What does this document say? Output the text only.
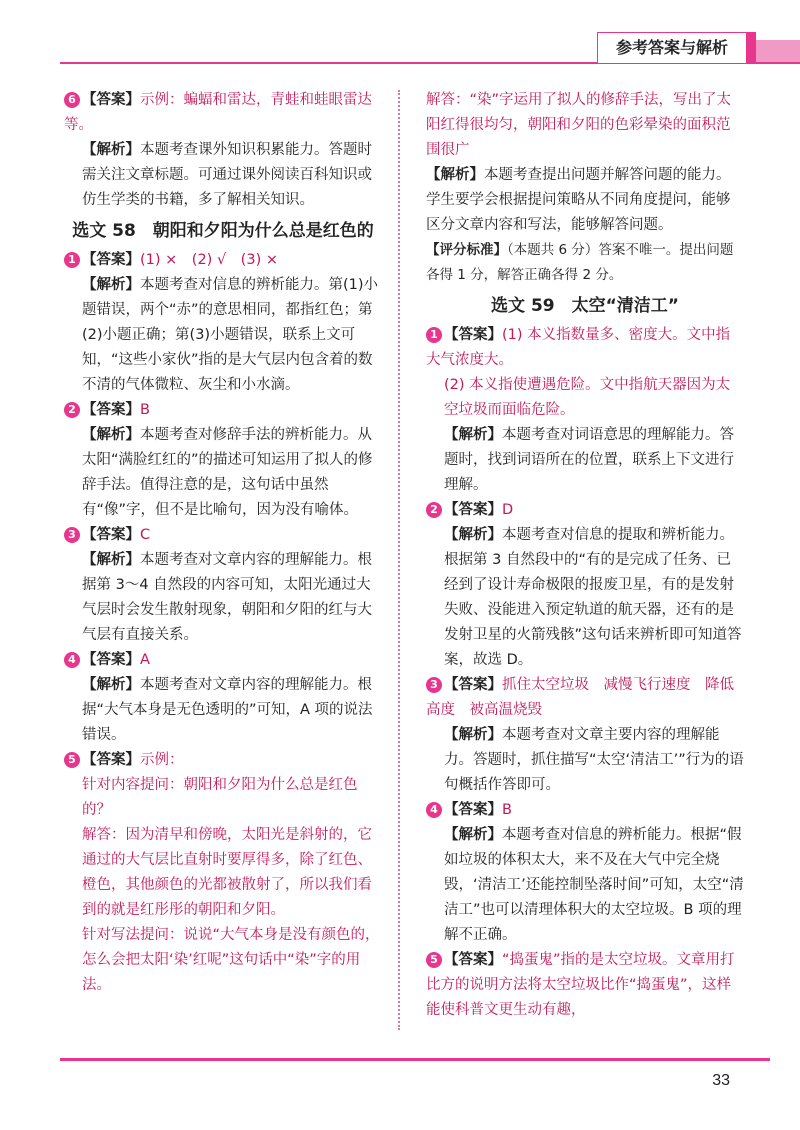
参考答案与解析
6 【答案】示例：蝙蝠和雷达，青蛙和蛙眼雷达等。

【解析】本题考查课外知识积累能力。答题时需关注文章标题。可通过课外阅读百科知识或仿生学类的书籍，多了解相关知识。

选文 58　朝阳和夕阳为什么总是红色的
1 【答案】(1) ×　(2) √　(3) ×

【解析】本题考查对信息的辨析能力。第(1)小题错误，两个“赤”的意思相同，都指红色；第(2)小题正确；第(3)小题错误，联系上文可知，“这些小家伙”指的是大气层内包含着的数不清的气体微粒、灰尘和小水滴。

2 【答案】B

【解析】本题考查对修辞手法的辨析能力。从太阳“满脸红红的”的描述可知运用了拟人的修辞手法。值得注意的是，这句话中虽然有“像”字，但不是比喻句，因为没有喻体。

3 【答案】C

【解析】本题考查对文章内容的理解能力。根据第 3～4 自然段的内容可知，太阳光通过大气层时会发生散射现象，朝阳和夕阳的红与大气层有直接关系。

4 【答案】A

【解析】本题考查对文章内容的理解能力。根据“大气本身是无色透明的”可知，A 项的说法错误。

5 【答案】示例：

针对内容提问：朝阳和夕阳为什么总是红色的？

解答：因为清早和傍晚，太阳光是斜射的，它通过的大气层比直射时要厚得多，除了红色、橙色，其他颜色的光都被散射了，所以我们看到的就是红彤彤的朝阳和夕阳。

针对写法提问：说说“大气本身是没有颜色的，怎么会把太阳‘染’红呢”这句话中“染”字的用法。

解答：“染”字运用了拟人的修辞手法，写出了太阳红得很均匀，朝阳和夕阳的色彩晕染的面积范围很广

【解析】本题考查提出问题并解答问题的能力。学生要学会根据提问策略从不同角度提问，能够区分文章内容和写法，能够解答问题。

【评分标准】（本题共 6 分）答案不唯一。提出问题各得 1 分，解答正确各得 2 分。

选文 59　太空“清洁工”
1 【答案】(1) 本义指数量多、密度大。文中指大气浓度大。

(2) 本义指使遭遇危险。文中指航天器因为太空垃圾而面临危险。

【解析】本题考查对词语意思的理解能力。答题时，找到词语所在的位置，联系上下文进行理解。

2 【答案】D

【解析】本题考查对信息的提取和辨析能力。根据第 3 自然段中的“有的是完成了任务、已经到了设计寿命极限的报废卫星，有的是发射失败、没能进入预定轨道的航天器，还有的是发射卫星的火箭残骸”这句话来辨析即可知道答案，故选 D。

3 【答案】抓住太空垃圾　减慢飞行速度　降低高度　被高温烧毁

【解析】本题考查对文章主要内容的理解能力。答题时，抓住描写“太空‘清洁工’”行为的语句概括作答即可。

4 【答案】B

【解析】本题考查对信息的辨析能力。根据“假如垃圾的体积太大，来不及在大气中完全烧毁，‘清洁工’还能控制坠落时间”可知，太空“清洁工”也可以清理体积大的太空垃圾。B 项的理解不正确。

5 【答案】“捣蛋鬼”指的是太空垃圾。文章用打比方的说明方法将太空垃圾比作“捣蛋鬼”，这样能使科普文更生动有趣，
33
